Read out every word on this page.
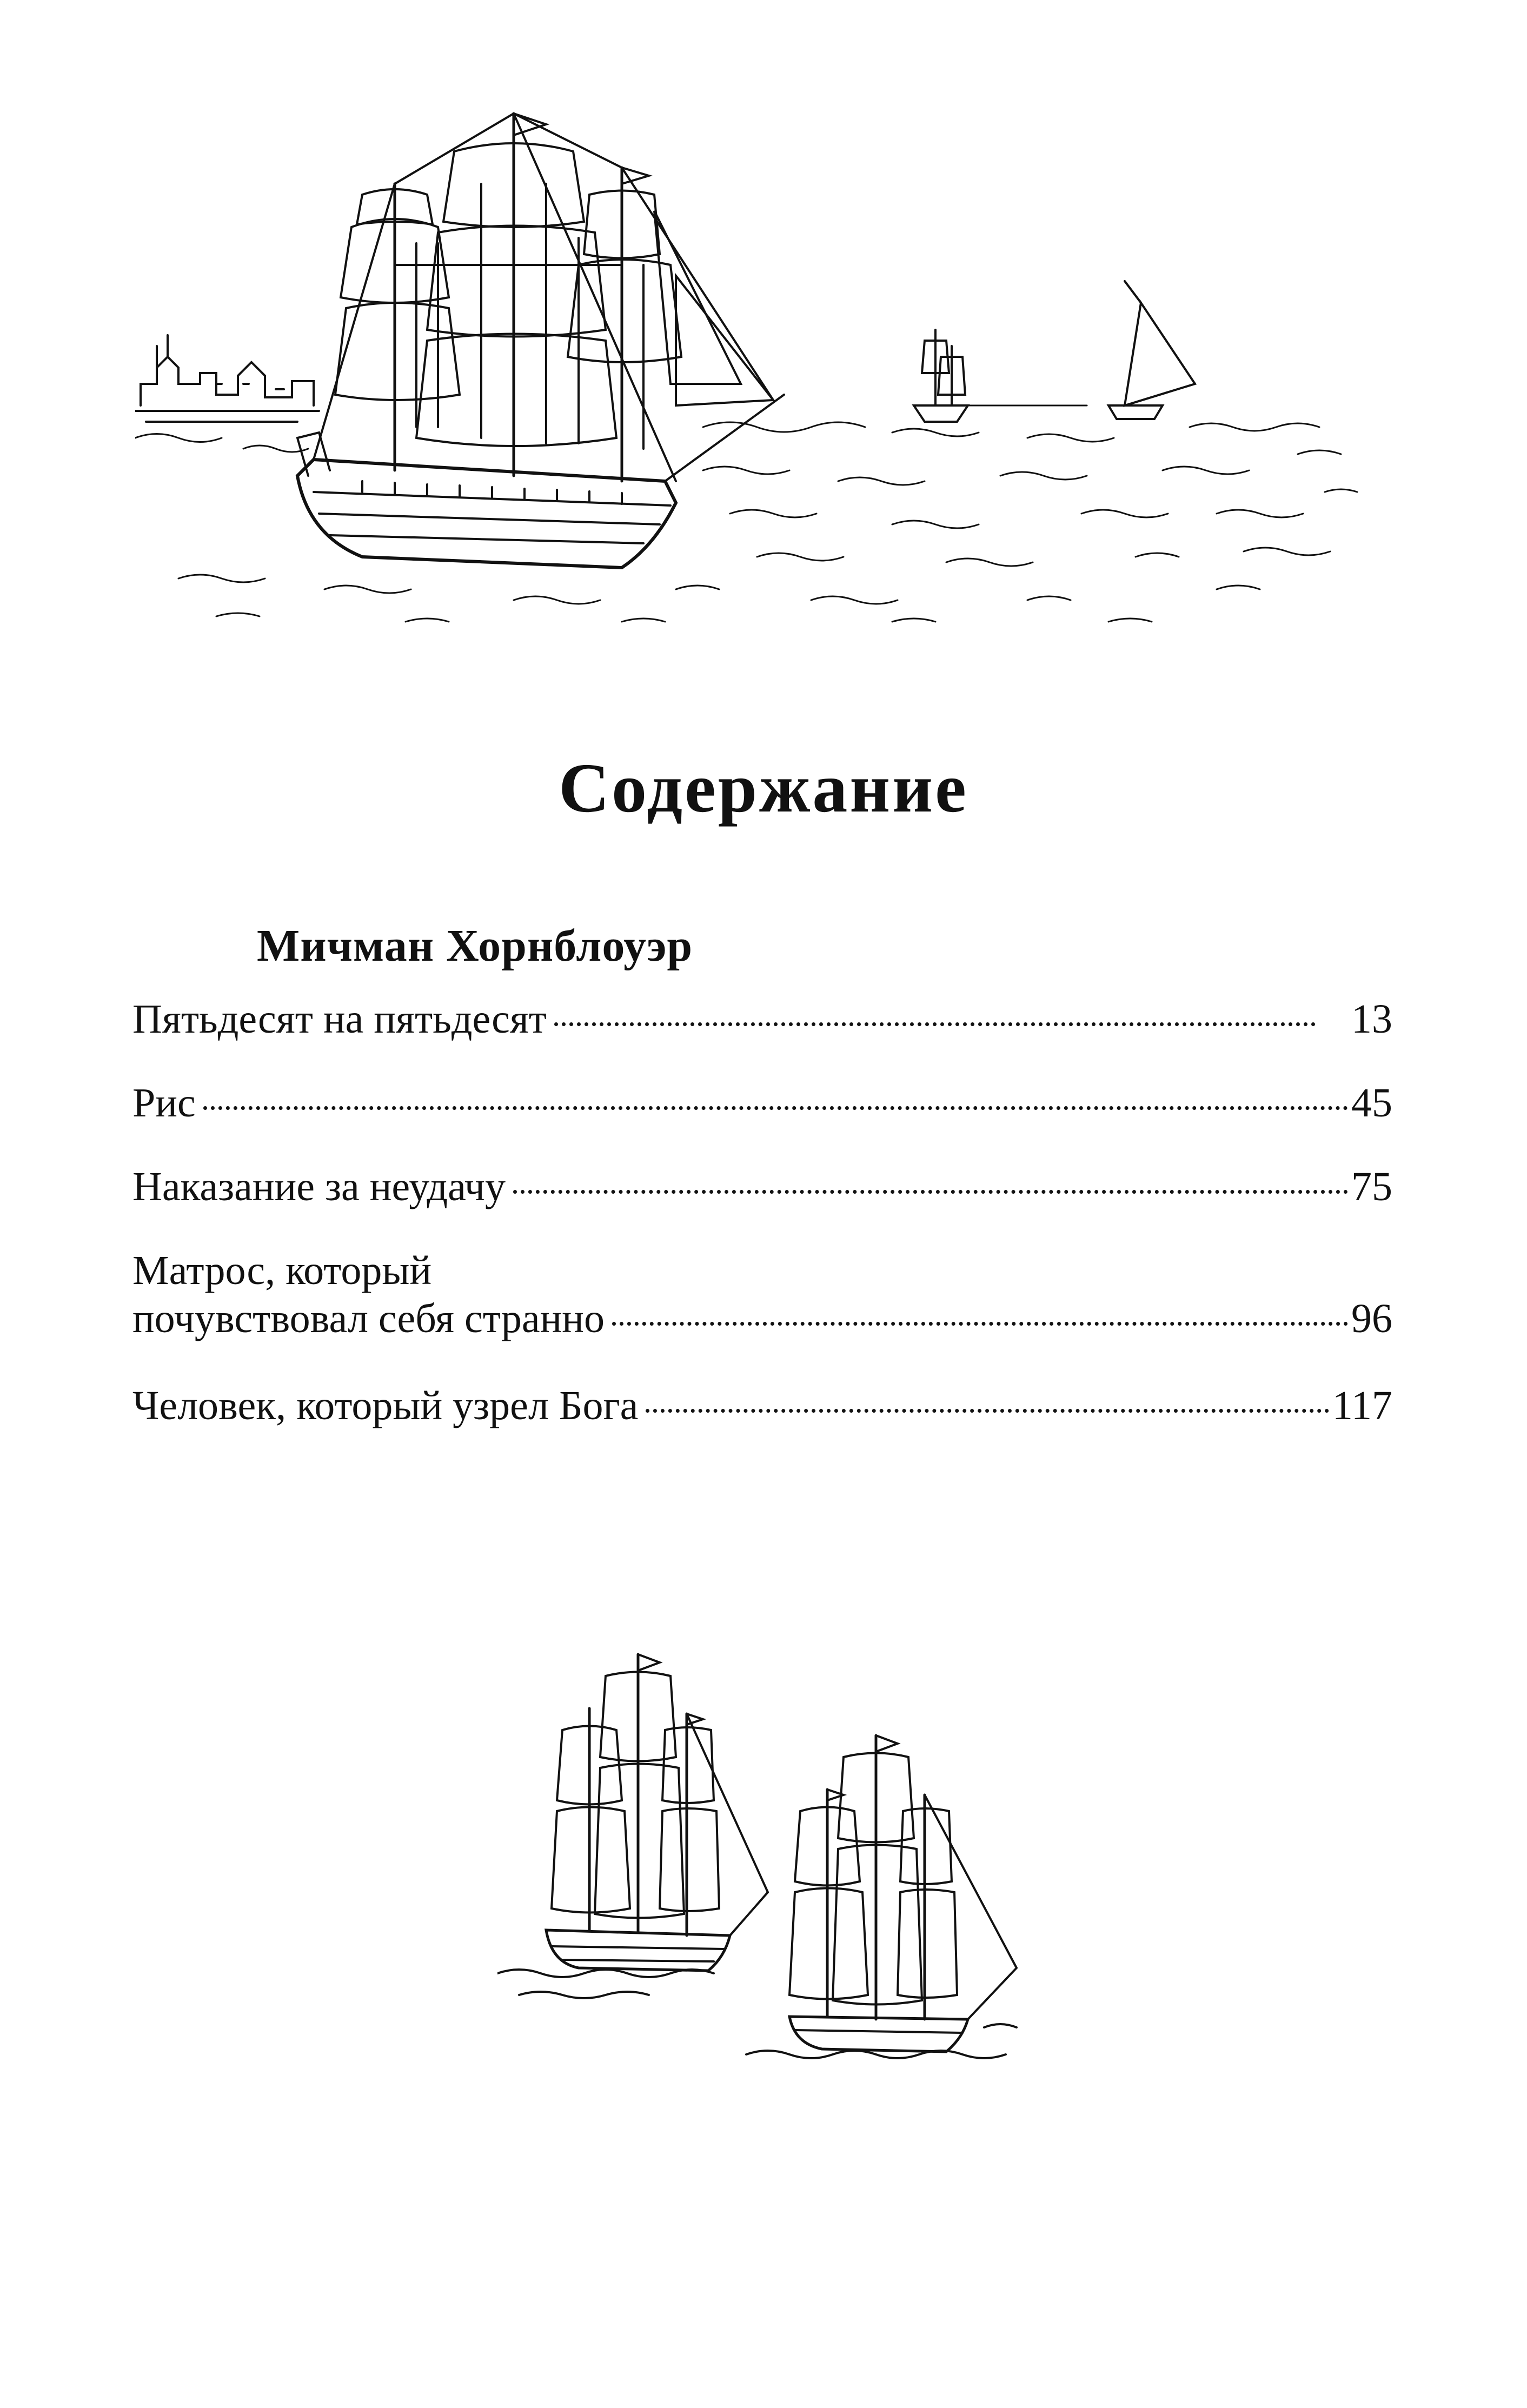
Содержание
Мичман Хорнблоуэр
Пятьдесят на пятьдесят	13
Рис	45
Наказание за неудачу	75
Матрос, который
почувствовал себя странно	96
Человек, который узрел Бога	117
